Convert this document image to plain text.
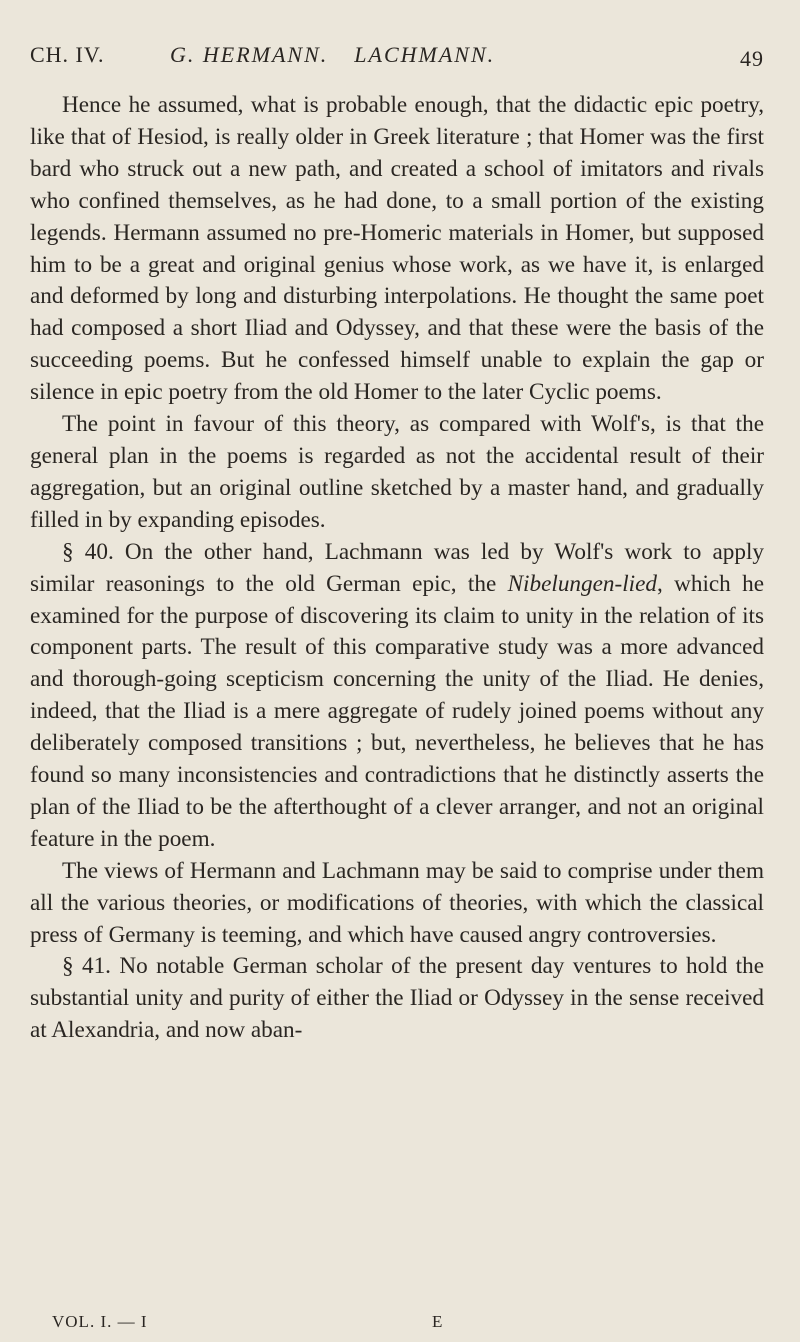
CH. IV.	G. HERMANN. LACHMANN.	49

Hence he assumed, what is probable enough, that the didactic epic poetry, like that of Hesiod, is really older in Greek literature ; that Homer was the first bard who struck out a new path, and created a school of imitators and rivals who confined themselves, as he had done, to a small portion of the existing legends. Hermann assumed no pre-Homeric materials in Homer, but supposed him to be a great and original genius whose work, as we have it, is enlarged and deformed by long and disturbing interpolations. He thought the same poet had composed a short Iliad and Odyssey, and that these were the basis of the succeeding poems. But he confessed himself unable to explain the gap or silence in epic poetry from the old Homer to the later Cyclic poems.

The point in favour of this theory, as compared with Wolf's, is that the general plan in the poems is regarded as not the accidental result of their aggregation, but an original outline sketched by a master hand, and gradually filled in by expanding episodes.

§ 40. On the other hand, Lachmann was led by Wolf's work to apply similar reasonings to the old German epic, the Nibelungen-lied, which he examined for the purpose of discovering its claim to unity in the relation of its component parts. The result of this comparative study was a more advanced and thorough-going scepticism concerning the unity of the Iliad. He denies, indeed, that the Iliad is a mere aggregate of rudely joined poems without any deliberately composed transitions ; but, nevertheless, he believes that he has found so many inconsistencies and contradictions that he distinctly asserts the plan of the Iliad to be the afterthought of a clever arranger, and not an original feature in the poem.

The views of Hermann and Lachmann may be said to comprise under them all the various theories, or modifications of theories, with which the classical press of Germany is teeming, and which have caused angry controversies.

§ 41. No notable German scholar of the present day ventures to hold the substantial unity and purity of either the Iliad or Odyssey in the sense received at Alexandria, and now aban-

VOL. I. — I	E
